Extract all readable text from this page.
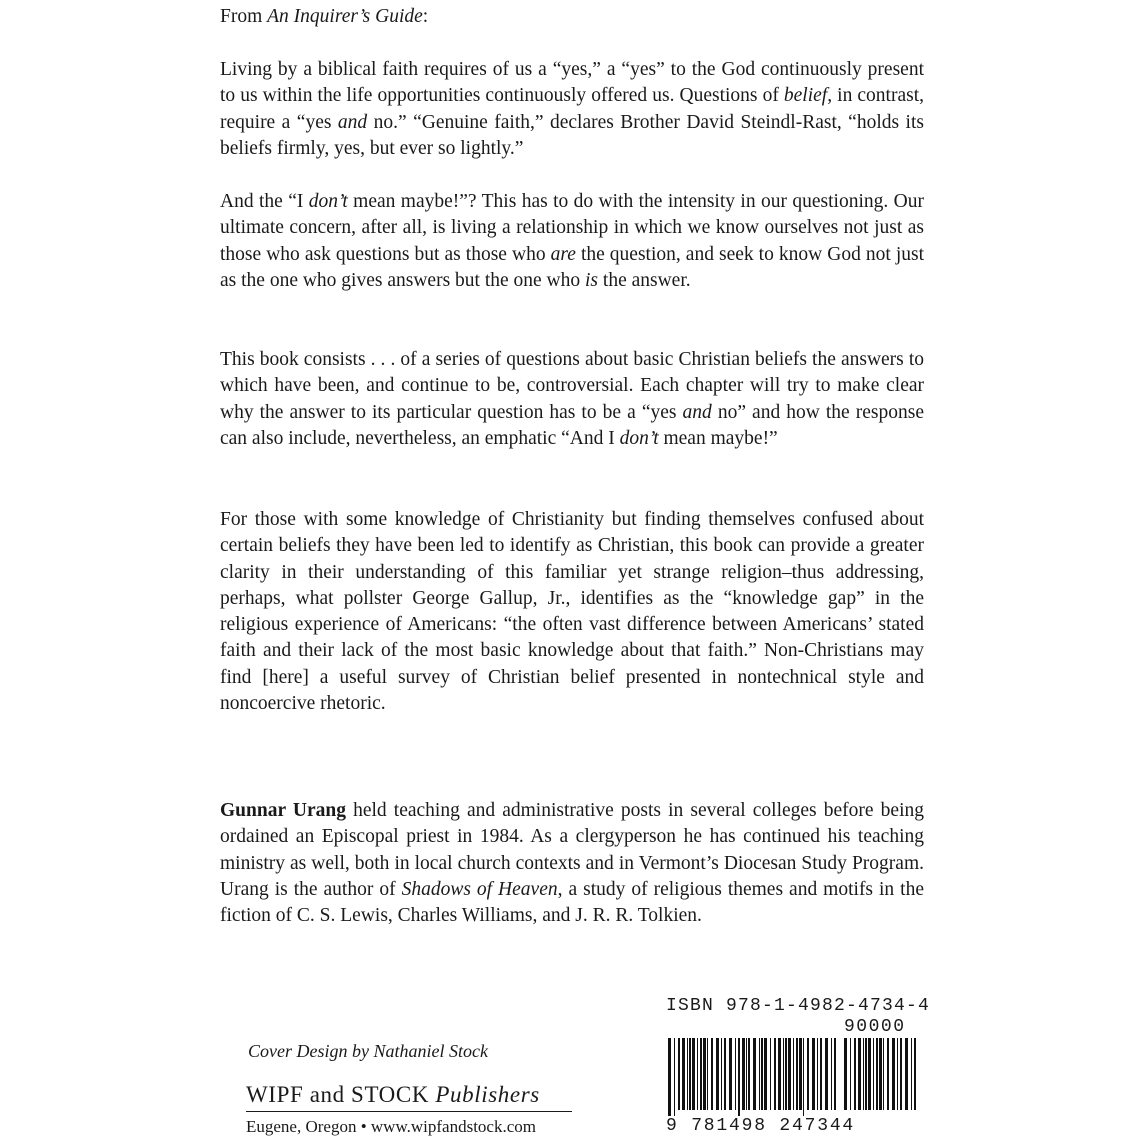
From An Inquirer’s Guide:

Living by a biblical faith requires of us a “yes,” a “yes” to the God continuously present to us within the life opportunities continuously offered us. Questions of belief, in contrast, require a “yes and no.” “Genuine faith,” declares Brother David Steindl-Rast, “holds its beliefs firmly, yes, but ever so lightly.”

And the “I don’t mean maybe!”? This has to do with the intensity in our questioning. Our ultimate concern, after all, is living a relationship in which we know ourselves not just as those who ask questions but as those who are the question, and seek to know God not just as the one who gives answers but the one who is the answer.

This book consists . . . of a series of questions about basic Christian beliefs the answers to which have been, and continue to be, controversial. Each chapter will try to make clear why the answer to its particular question has to be a “yes and no” and how the response can also include, nevertheless, an emphatic “And I don’t mean maybe!”

For those with some knowledge of Christianity but finding themselves confused about certain beliefs they have been led to identify as Christian, this book can provide a greater clarity in their understanding of this familiar yet strange religion–thus addressing, perhaps, what pollster George Gallup, Jr., identifies as the “knowledge gap” in the religious experience of Americans: “the often vast difference between Americans’ stated faith and their lack of the most basic knowledge about that faith.” Non-Christians may find [here] a useful survey of Christian belief presented in nontechnical style and noncoercive rhetoric.

Gunnar Urang held teaching and administrative posts in several colleges before being ordained an Episcopal priest in 1984. As a clergyperson he has continued his teaching ministry as well, both in local church contexts and in Vermont’s Diocesan Study Program. Urang is the author of Shadows of Heaven, a study of religious themes and motifs in the fiction of C. S. Lewis, Charles Williams, and J. R. R. Tolkien.

Cover Design by Nathaniel Stock
WIPF and STOCK Publishers
Eugene, Oregon • www.wipfandstock.com
ISBN 978-1-4982-4734-4
90000
9 781498 247344
